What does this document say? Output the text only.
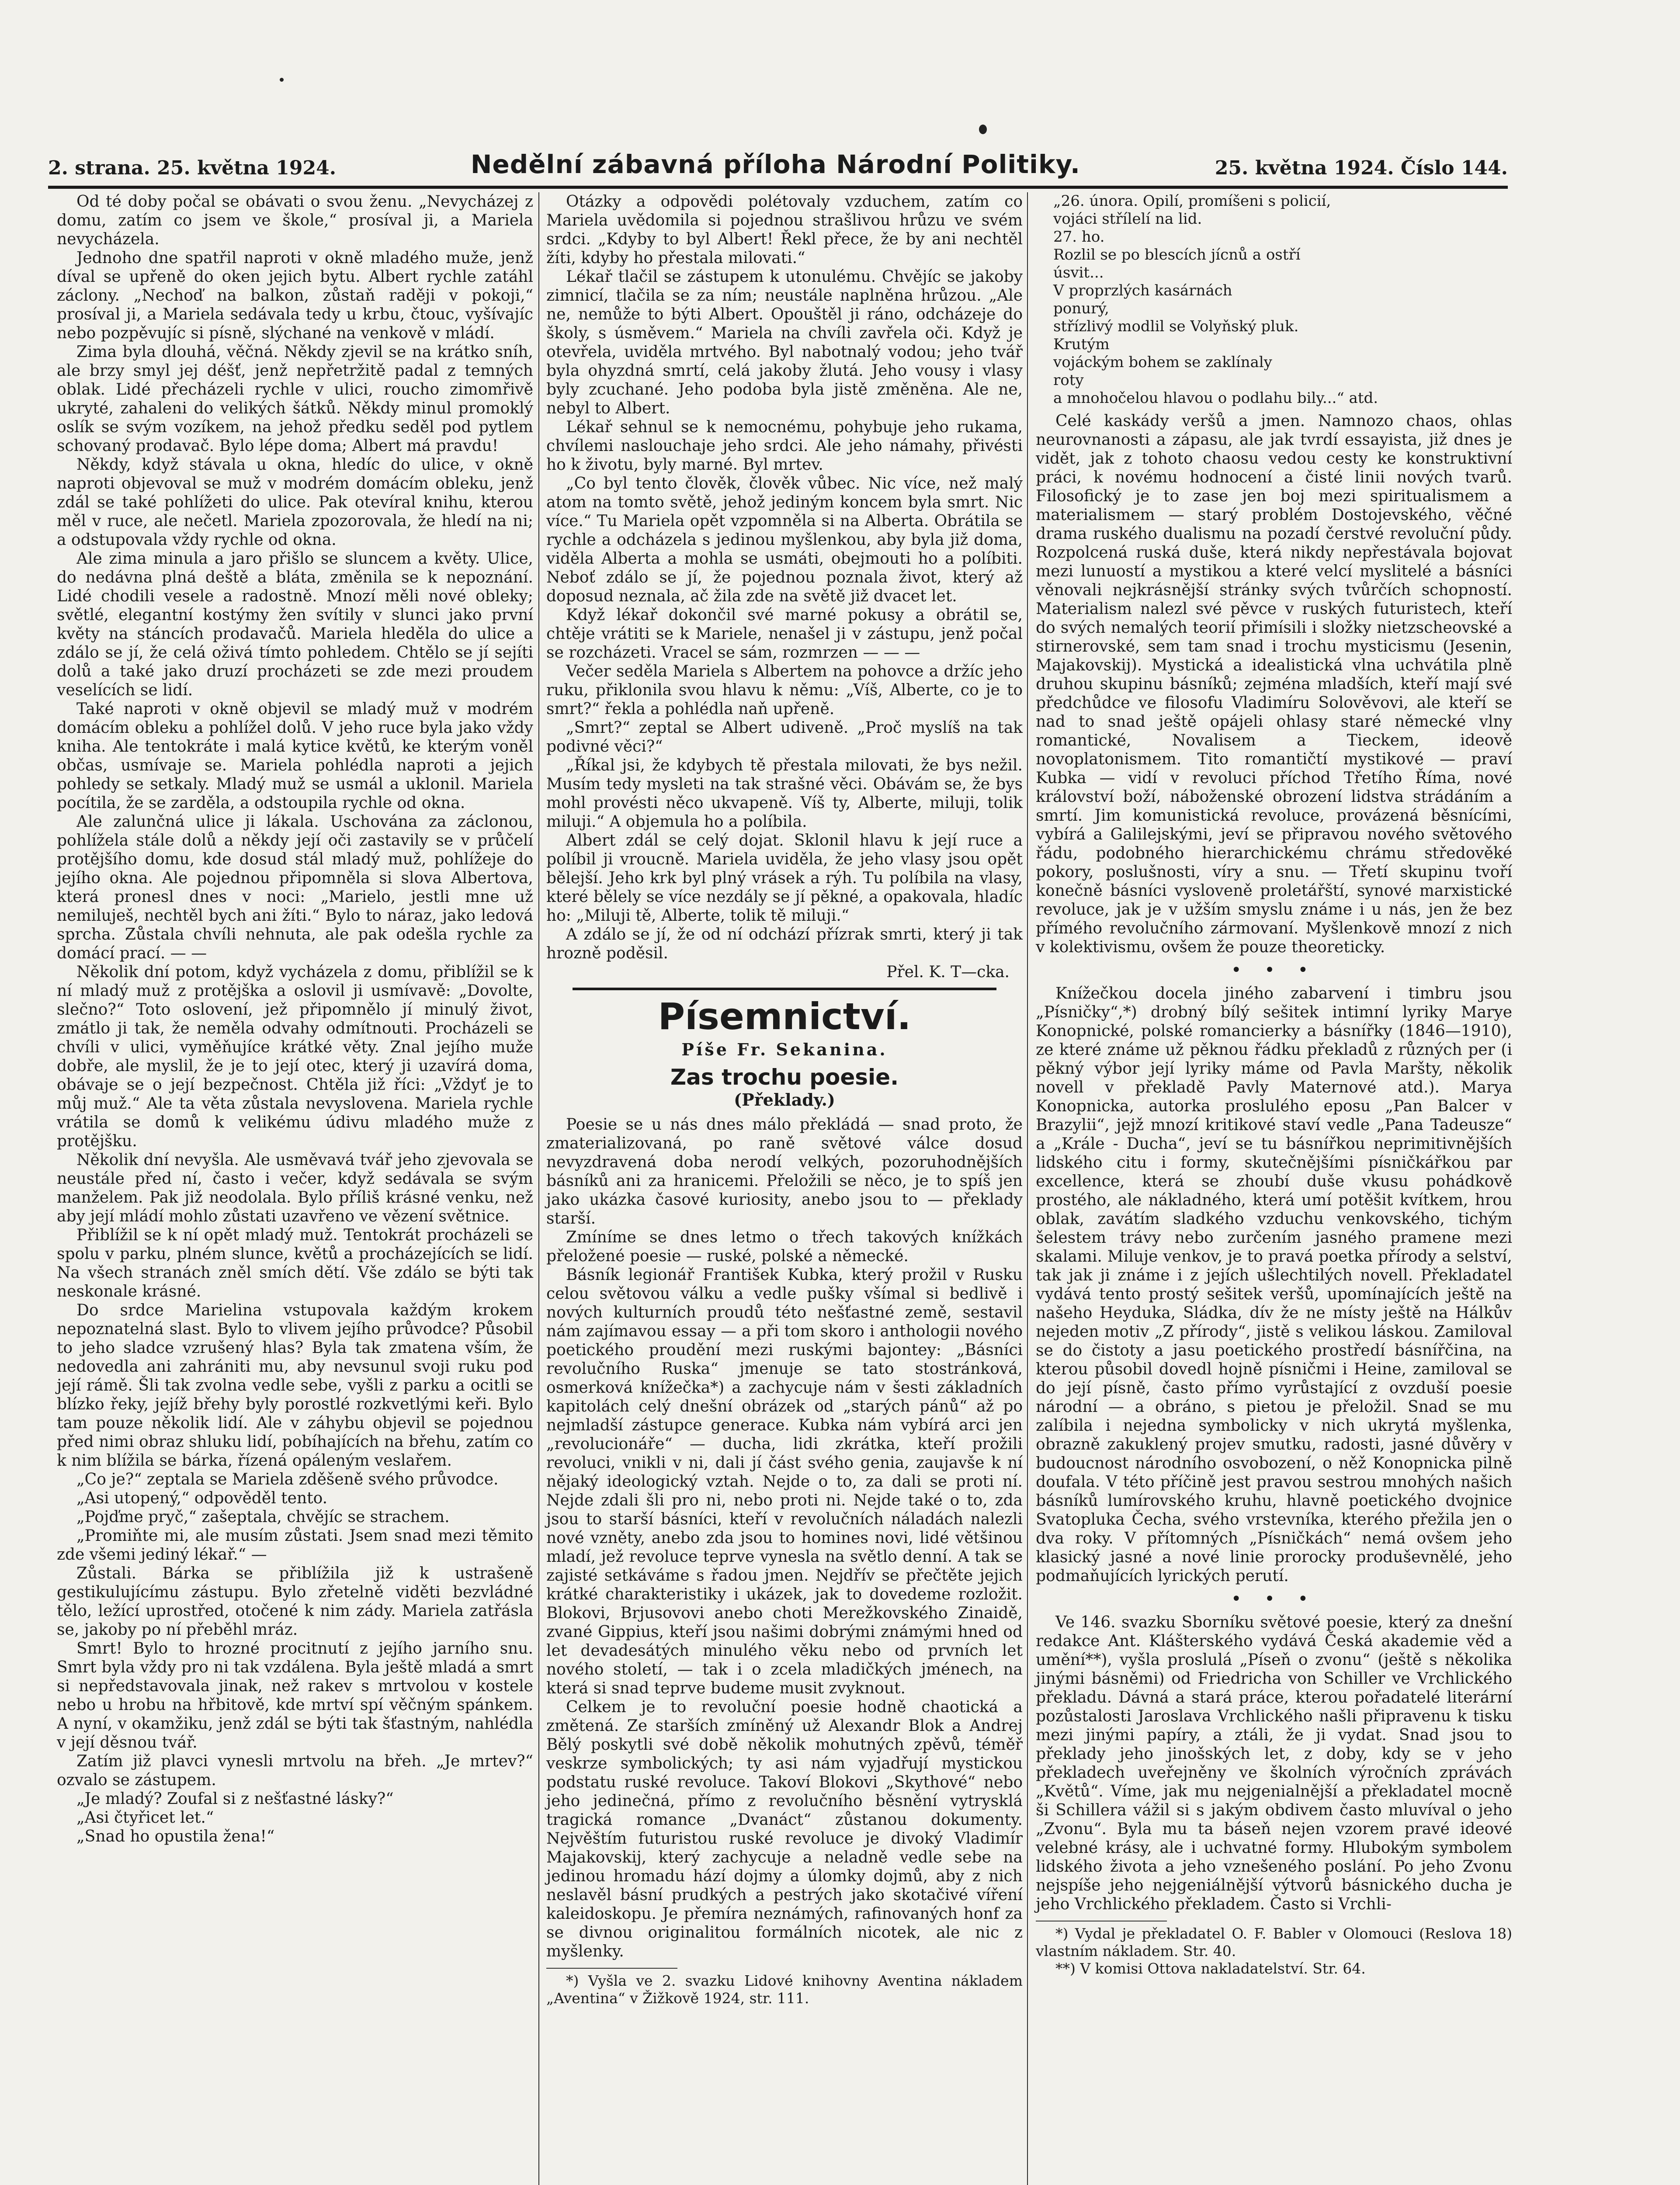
2. strana. 25. května 1924.	Nedělní zábavná příloha Národní Politiky.	25. května 1924. Číslo 144.

Od té doby počal se obávati o svou ženu. „Nevycházej z domu, zatím co jsem ve škole,“ prosíval ji, a Mariela nevycházela.

Jednoho dne spatřil naproti v okně mladého muže, jenž díval se upřeně do oken jejich bytu. Albert rychle zatáhl záclony. „Nechoď na balkon, zůstaň raději v pokoji,“ prosíval ji, a Mariela sedávala tedy u krbu, čtouc, vyšívajíc nebo pozpěvujíc si písně, slýchané na venkově v mládí.

Zima byla dlouhá, věčná. Někdy zjevil se na krátko sníh, ale brzy smyl jej déšť, jenž nepřetržitě padal z temných oblak. Lidé přecházeli rychle v ulici, roucho zimomřivě ukryté, zahaleni do velikých šátků. Někdy minul promoklý oslík se svým vozíkem, na jehož předku seděl pod pytlem schovaný prodavač. Bylo lépe doma; Albert má pravdu!

Někdy, když stávala u okna, hledíc do ulice, v okně naproti objevoval se muž v modrém domácím obleku, jenž zdál se také pohlížeti do ulice. Pak otevíral knihu, kterou měl v ruce, ale nečetl. Mariela zpozorovala, že hledí na ni; a odstupovala vždy rychle od okna.

Ale zima minula a jaro přišlo se sluncem a květy. Ulice, do nedávna plná deště a bláta, změnila se k nepoznání. Lidé chodili vesele a radostně. Mnozí měli nové obleky; světlé, elegantní kostýmy žen svítily v slunci jako první květy na stáncích prodavačů. Mariela hleděla do ulice a zdálo se jí, že celá oživá tímto pohledem. Chtělo se jí sejíti dolů a také jako druzí procházeti se zde mezi proudem veselících se lidí.

Také naproti v okně objevil se mladý muž v modrém domácím obleku a pohlížel dolů. V jeho ruce byla jako vždy kniha. Ale tentokráte i malá kytice květů, ke kterým voněl občas, usmívaje se. Mariela pohlédla naproti a jejich pohledy se setkaly. Mladý muž se usmál a uklonil. Mariela pocítila, že se zarděla, a odstoupila rychle od okna.

Ale zalunčná ulice ji lákala. Uschována za záclonou, pohlížela stále dolů a někdy její oči zastavily se v průčelí protějšího domu, kde dosud stál mladý muž, pohlížeje do jejího okna. Ale pojednou připomněla si slova Albertova, která pronesl dnes v noci: „Marielo, jestli mne už nemiluješ, nechtěl bych ani žíti.“ Bylo to náraz, jako ledová sprcha. Zůstala chvíli nehnuta, ale pak odešla rychle za domácí prací. — —

Několik dní potom, když vycházela z domu, přiblížil se k ní mladý muž z protějška a oslovil ji usmívavě: „Dovolte, slečno?“ Toto oslovení, jež připomnělo jí minulý život, zmátlo ji tak, že neměla odvahy odmítnouti. Procházeli se chvíli v ulici, vyměňujíce krátké věty. Znal jejího muže dobře, ale myslil, že je to její otec, který ji uzavírá doma, obávaje se o její bezpečnost. Chtěla již říci: „Vždyť je to můj muž.“ Ale ta věta zůstala nevyslovena. Mariela rychle vrátila se domů k velikému údivu mladého muže z protějšku.

Několik dní nevyšla. Ale usměvavá tvář jeho zjevovala se neustále před ní, často i večer, když sedávala se svým manželem. Pak již neodolala. Bylo příliš krásné venku, než aby její mládí mohlo zůstati uzavřeno ve vězení světnice.

Přiblížil se k ní opět mladý muž. Tentokrát procházeli se spolu v parku, plném slunce, květů a procházejících se lidí. Na všech stranách zněl smích dětí. Vše zdálo se býti tak neskonale krásné.

Do srdce Marielina vstupovala každým krokem nepoznatelná slast. Bylo to vlivem jejího průvodce? Působil to jeho sladce vzrušený hlas? Byla tak zmatena vším, že nedovedla ani zahrániti mu, aby nevsunul svoji ruku pod její rámě. Šli tak zvolna vedle sebe, vyšli z parku a ocitli se blízko řeky, jejíž břehy byly porostlé rozkvetlými keři. Bylo tam pouze několik lidí. Ale v záhybu objevil se pojednou před nimi obraz shluku lidí, pobíhajících na břehu, zatím co k nim blížila se bárka, řízená opáleným veslařem.

„Co je?“ zeptala se Mariela zděšeně svého průvodce.

„Asi utopený,“ odpověděl tento.

„Pojďme pryč,“ zašeptala, chvějíc se strachem.

„Promiňte mi, ale musím zůstati. Jsem snad mezi těmito zde všemi jediný lékař.“ —

Zůstali. Bárka se přiblížila již k ustrašeně gestikulujícímu zástupu. Bylo zřetelně viděti bezvládné tělo, ležící uprostřed, otočené k nim zády. Mariela zatřásla se, jakoby po ní přeběhl mráz.

Smrt! Bylo to hrozné procitnutí z jejího jarního snu. Smrt byla vždy pro ni tak vzdálena. Byla ještě mladá a smrt si nepředstavovala jinak, než rakev s mrtvolou v kostele nebo u hrobu na hřbitově, kde mrtví spí věčným spánkem. A nyní, v okamžiku, jenž zdál se býti tak šťastným, nahlédla v její děsnou tvář.

Zatím již plavci vynesli mrtvolu na břeh. „Je mrtev?“ ozvalo se zástupem.

„Je mladý? Zoufal si z nešťastné lásky?“

„Asi čtyřicet let.“

„Snad ho opustila žena!“

Otázky a odpovědi polétovaly vzduchem, zatím co Mariela uvědomila si pojednou strašlivou hrůzu ve svém srdci. „Kdyby to byl Albert! Řekl přece, že by ani nechtěl žíti, kdyby ho přestala milovati.“

Lékař tlačil se zástupem k utonulému. Chvějíc se jakoby zimnicí, tlačila se za ním; neustále naplněna hrůzou. „Ale ne, nemůže to býti Albert. Opouštěl ji ráno, odcházeje do školy, s úsměvem.“ Mariela na chvíli zavřela oči. Když je otevřela, uviděla mrtvého. Byl nabotnalý vodou; jeho tvář byla ohyzdná smrtí, celá jakoby žlutá. Jeho vousy i vlasy byly zcuchané. Jeho podoba byla jistě změněna. Ale ne, nebyl to Albert.

Lékař sehnul se k nemocnému, pohybuje jeho rukama, chvílemi naslouchaje jeho srdci. Ale jeho námahy, přivésti ho k životu, byly marné. Byl mrtev.

„Co byl tento člověk, člověk vůbec. Nic více, než malý atom na tomto světě, jehož jediným koncem byla smrt. Nic více.“ Tu Mariela opět vzpomněla si na Alberta. Obrátila se rychle a odcházela s jedinou myšlenkou, aby byla již doma, viděla Alberta a mohla se usmáti, obejmouti ho a políbiti. Neboť zdálo se jí, že pojednou poznala život, který až doposud neznala, ač žila zde na světě již dvacet let.

Když lékař dokončil své marné pokusy a obrátil se, chtěje vrátiti se k Mariele, nenašel ji v zástupu, jenž počal se rozcházeti. Vracel se sám, rozmrzen — — —

Večer seděla Mariela s Albertem na pohovce a držíc jeho ruku, přiklonila svou hlavu k němu: „Víš, Alberte, co je to smrt?“ řekla a pohlédla naň upřeně.

„Smrt?“ zeptal se Albert udiveně. „Proč myslíš na tak podivné věci?“

„Říkal jsi, že kdybych tě přestala milovati, že bys nežil. Musím tedy mysleti na tak strašné věci. Obávám se, že bys mohl provésti něco ukvapeně. Víš ty, Alberte, miluji, tolik miluji.“ A objemula ho a políbila.

Albert zdál se celý dojat. Sklonil hlavu k její ruce a políbil ji vroucně. Mariela uviděla, že jeho vlasy jsou opět bělejší. Jeho krk byl plný vrásek a rýh. Tu políbila na vlasy, které bělely se více nezdály se jí pěkné, a opakovala, hladíc ho: „Miluji tě, Alberte, tolik tě miluji.“

A zdálo se jí, že od ní odchází přízrak smrti, který ji tak hrozně poděsil.

Přel. K. T—cka.

Písemnictví.
Píše Fr. Sekanina.
Zas trochu poesie.
(Překlady.)

Poesie se u nás dnes málo překládá — snad proto, že zmaterializovaná, po raně světové válce dosud nevyzdravená doba nerodí velkých, pozoruhodnějších básníků ani za hranicemi. Přeložili se něco, je to spíš jen jako ukázka časové kuriosity, anebo jsou to — překlady starší.

Zmíníme se dnes letmo o třech takových knížkách přeložené poesie — ruské, polské a německé.

Básník legionář František Kubka, který prožil v Rusku celou světovou válku a vedle pušky všímal si bedlivě i nových kulturních proudů této nešťastné země, sestavil nám zajímavou essay — a při tom skoro i anthologii nového poetického proudění mezi ruskými bajontey: „Básníci revolučního Ruska“ jmenuje se tato stostránková, osmerková knížečka*) a zachycuje nám v šesti základních kapitolách celý dnešní obrázek od „starých pánů“ až po nejmladší zástupce generace. Kubka nám vybírá arci jen „revolucionáře“ — ducha, lidi zkrátka, kteří prožili revoluci, vnikli v ni, dali jí část svého genia, zaujavše k ní nějaký ideologický vztah. Nejde o to, za dali se proti ní. Nejde zdali šli pro ni, nebo proti ni. Nejde také o to, zda jsou to starší básníci, kteří v revolučních náladách nalezli nové vzněty, anebo zda jsou to homines novi, lidé většinou mladí, jež revoluce teprve vynesla na světlo denní. A tak se zajisté setkáváme s řadou jmen. Nejdřív se přečtěte jejich krátké charakteristiky i ukázek, jak to dovedeme rozložit. Blokovi, Brjusovovi anebo choti Merežkovského Zinaidě, zvané Gippius, kteří jsou našimi dobrými známými hned od let devadesátých minulého věku nebo od prvních let nového století, — tak i o zcela mladičkých jménech, na která si snad teprve budeme musit zvyknout.

Celkem je to revoluční poesie hodně chaotická a změtená. Ze starších zmíněný už Alexandr Blok a Andrej Bělý poskytli své době několik mohutných zpěvů, téměř veskrze symbolických; ty asi nám vyjadřují mystickou podstatu ruské revoluce. Takoví Blokovi „Skythové“ nebo jeho jedinečná, přímo z revolučního běsnění vytrysklá tragická romance „Dvanáct“ zůstanou dokumenty. Nejvěštím futuristou ruské revoluce je divoký Vladimír Majakovskij, který zachycuje a neladně vedle sebe na jedinou hromadu hází dojmy a úlomky dojmů, aby z nich neslavěl básní prudkých a pestrých jako skotačivé víření kaleidoskopu. Je přemíra neznámých, rafinovaných honf za se divnou originalitou formálních nicotek, ale nic z myšlenky.

*) Vyšla ve 2. svazku Lidové knihovny Aventina nákladem „Aventina“ v Žižkově 1924, str. 111.

„26. února. Opilí, promíšeni s policií,
vojáci střílelí na lid.
27. ho.
Rozlil se po blescích jícnů a ostří
úsvit...
V proprzlých kasárnách
ponurý,
střízlivý modlil se Volyňský pluk.
Krutým
vojáckým bohem se zaklínaly
roty
a mnohočelou hlavou o podlahu bily...“ atd.

Celé kaskády veršů a jmen. Namnozo chaos, ohlas neurovnanosti a zápasu, ale jak tvrdí essayista, již dnes je vidět, jak z tohoto chaosu vedou cesty ke konstruktivní práci, k novému hodnocení a čisté linii nových tvarů. Filosofický je to zase jen boj mezi spiritualismem a materialismem — starý problém Dostojevského, věčné drama ruského dualismu na pozadí čerstvé revoluční půdy. Rozpolcená ruská duše, která nikdy nepřestávala bojovat mezi lunuostí a mystikou a které velcí myslitelé a básníci věnovali nejkrásnější stránky svých tvůrčích schopností. Materialism nalezl své pěvce v ruských futuristech, kteří do svých nemalých teorií přimísili i složky nietzscheovské a stirnerovské, sem tam snad i trochu mysticismu (Jesenin, Majakovskij). Mystická a idealistická vlna uchvátila plně druhou skupinu básníků; zejména mladších, kteří mají své předchůdce ve filosofu Vladimíru Solověvovi, ale kteří se nad to snad ještě opájeli ohlasy staré německé vlny romantické, Novalisem a Tieckem, ideově novoplatonismem. Tito romantičtí mystikové — praví Kubka — vidí v revoluci příchod Třetího Říma, nové království boží, náboženské obrození lidstva strádáním a smrtí. Jim komunistická revoluce, provázená běsnícími, vybírá a Galilejskými, jeví se připravou nového světového řádu, podobného hierarchickému chrámu středověké pokory, poslušnosti, víry a snu. — Třetí skupinu tvoří konečně básníci vysloveně proletářští, synové marxistické revoluce, jak je v užším smyslu známe i u nás, jen že bez přímého revolučního zármovaní. Myšlenkově mnozí z nich v kolektivismu, ovšem že pouze theoreticky.

• • •

Knížečkou docela jiného zabarvení i timbru jsou „Písničky“,*) drobný bílý sešitek intimní lyriky Marye Konopnické, polské romancierky a básnířky (1846—1910), ze které známe už pěknou řádku překladů z různých per (i pěkný výbor její lyriky máme od Pavla Maršty, několik novell v překladě Pavly Maternové atd.). Marya Konopnicka, autorka proslulého eposu „Pan Balcer v Brazylii“, jejž mnozí kritikové staví vedle „Pana Tadeusze“ a „Krále - Ducha“, jeví se tu básnířkou neprimitivnějších lidského citu i formy, skutečnějšími písničkářkou par excellence, která se zhoubí duše vkusu pohádkově prostého, ale nákladného, která umí potěšit kvítkem, hrou oblak, zavátím sladkého vzduchu venkovského, tichým šelestem trávy nebo zurčením jasného pramene mezi skalami. Miluje venkov, je to pravá poetka přírody a selství, tak jak ji známe i z jejích ušlechtilých novell. Překladatel vydává tento prostý sešitek veršů, upomínajících ještě na našeho Heyduka, Sládka, dív že ne místy ještě na Hálkův nejeden motiv „Z přírody“, jistě s velikou láskou. Zamiloval se do čistoty a jasu poetického prostředí básnířčina, na kterou působil dovedl hojně písničmi i Heine, zamiloval se do její písně, často přímo vyrůstající z ovzduší poesie národní — a obráno, s pietou je přeložil. Snad se mu zalíbila i nejedna symbolicky v nich ukrytá myšlenka, obrazně zakuklený projev smutku, radosti, jasné důvěry v budoucnost národního osvobození, o něž Konopnicka pilně doufala. V této příčině jest pravou sestrou mnohých našich básníků lumírovského kruhu, hlavně poetického dvojnice Svatopluka Čecha, svého vrstevníka, kterého přežila jen o dva roky. V přítomných „Písničkách“ nemá ovšem jeho klasický jasné a nové linie prorocky produševnělé, jeho podmaňujících lyrických perutí.

• • •

Ve 146. svazku Sborníku světové poesie, který za dnešní redakce Ant. Klášterského vydává Česká akademie věd a umění**), vyšla proslulá „Píseň o zvonu“ (ještě s několika jinými básněmi) od Friedricha von Schiller ve Vrchlického překladu. Dávná a stará práce, kterou pořadatelé literární pozůstalosti Jaroslava Vrchlického našli připravenu k tisku mezi jinými papíry, a ztáli, že ji vydat. Snad jsou to překlady jeho jinošských let, z doby, kdy se v jeho překladech uveřejněny ve školních výročních zprávách „Květů“. Víme, jak mu nejgenialnější a překladatel mocně ši Schillera vážil si s jakým obdivem často mluvíval o jeho „Zvonu“. Byla mu ta báseň nejen vzorem pravé ideové velebné krásy, ale i uchvatné formy. Hlubokým symbolem lidského života a jeho vznešeného poslání. Po jeho Zvonu nejspíše jeho nejgeniálnější výtvorů básnického ducha je jeho Vrchlického překladem. Často si Vrchli-

*) Vydal je překladatel O. F. Babler v Olomouci (Reslova 18) vlastním nákladem. Str. 40.

**) V komisi Ottova nakladatelství. Str. 64.
